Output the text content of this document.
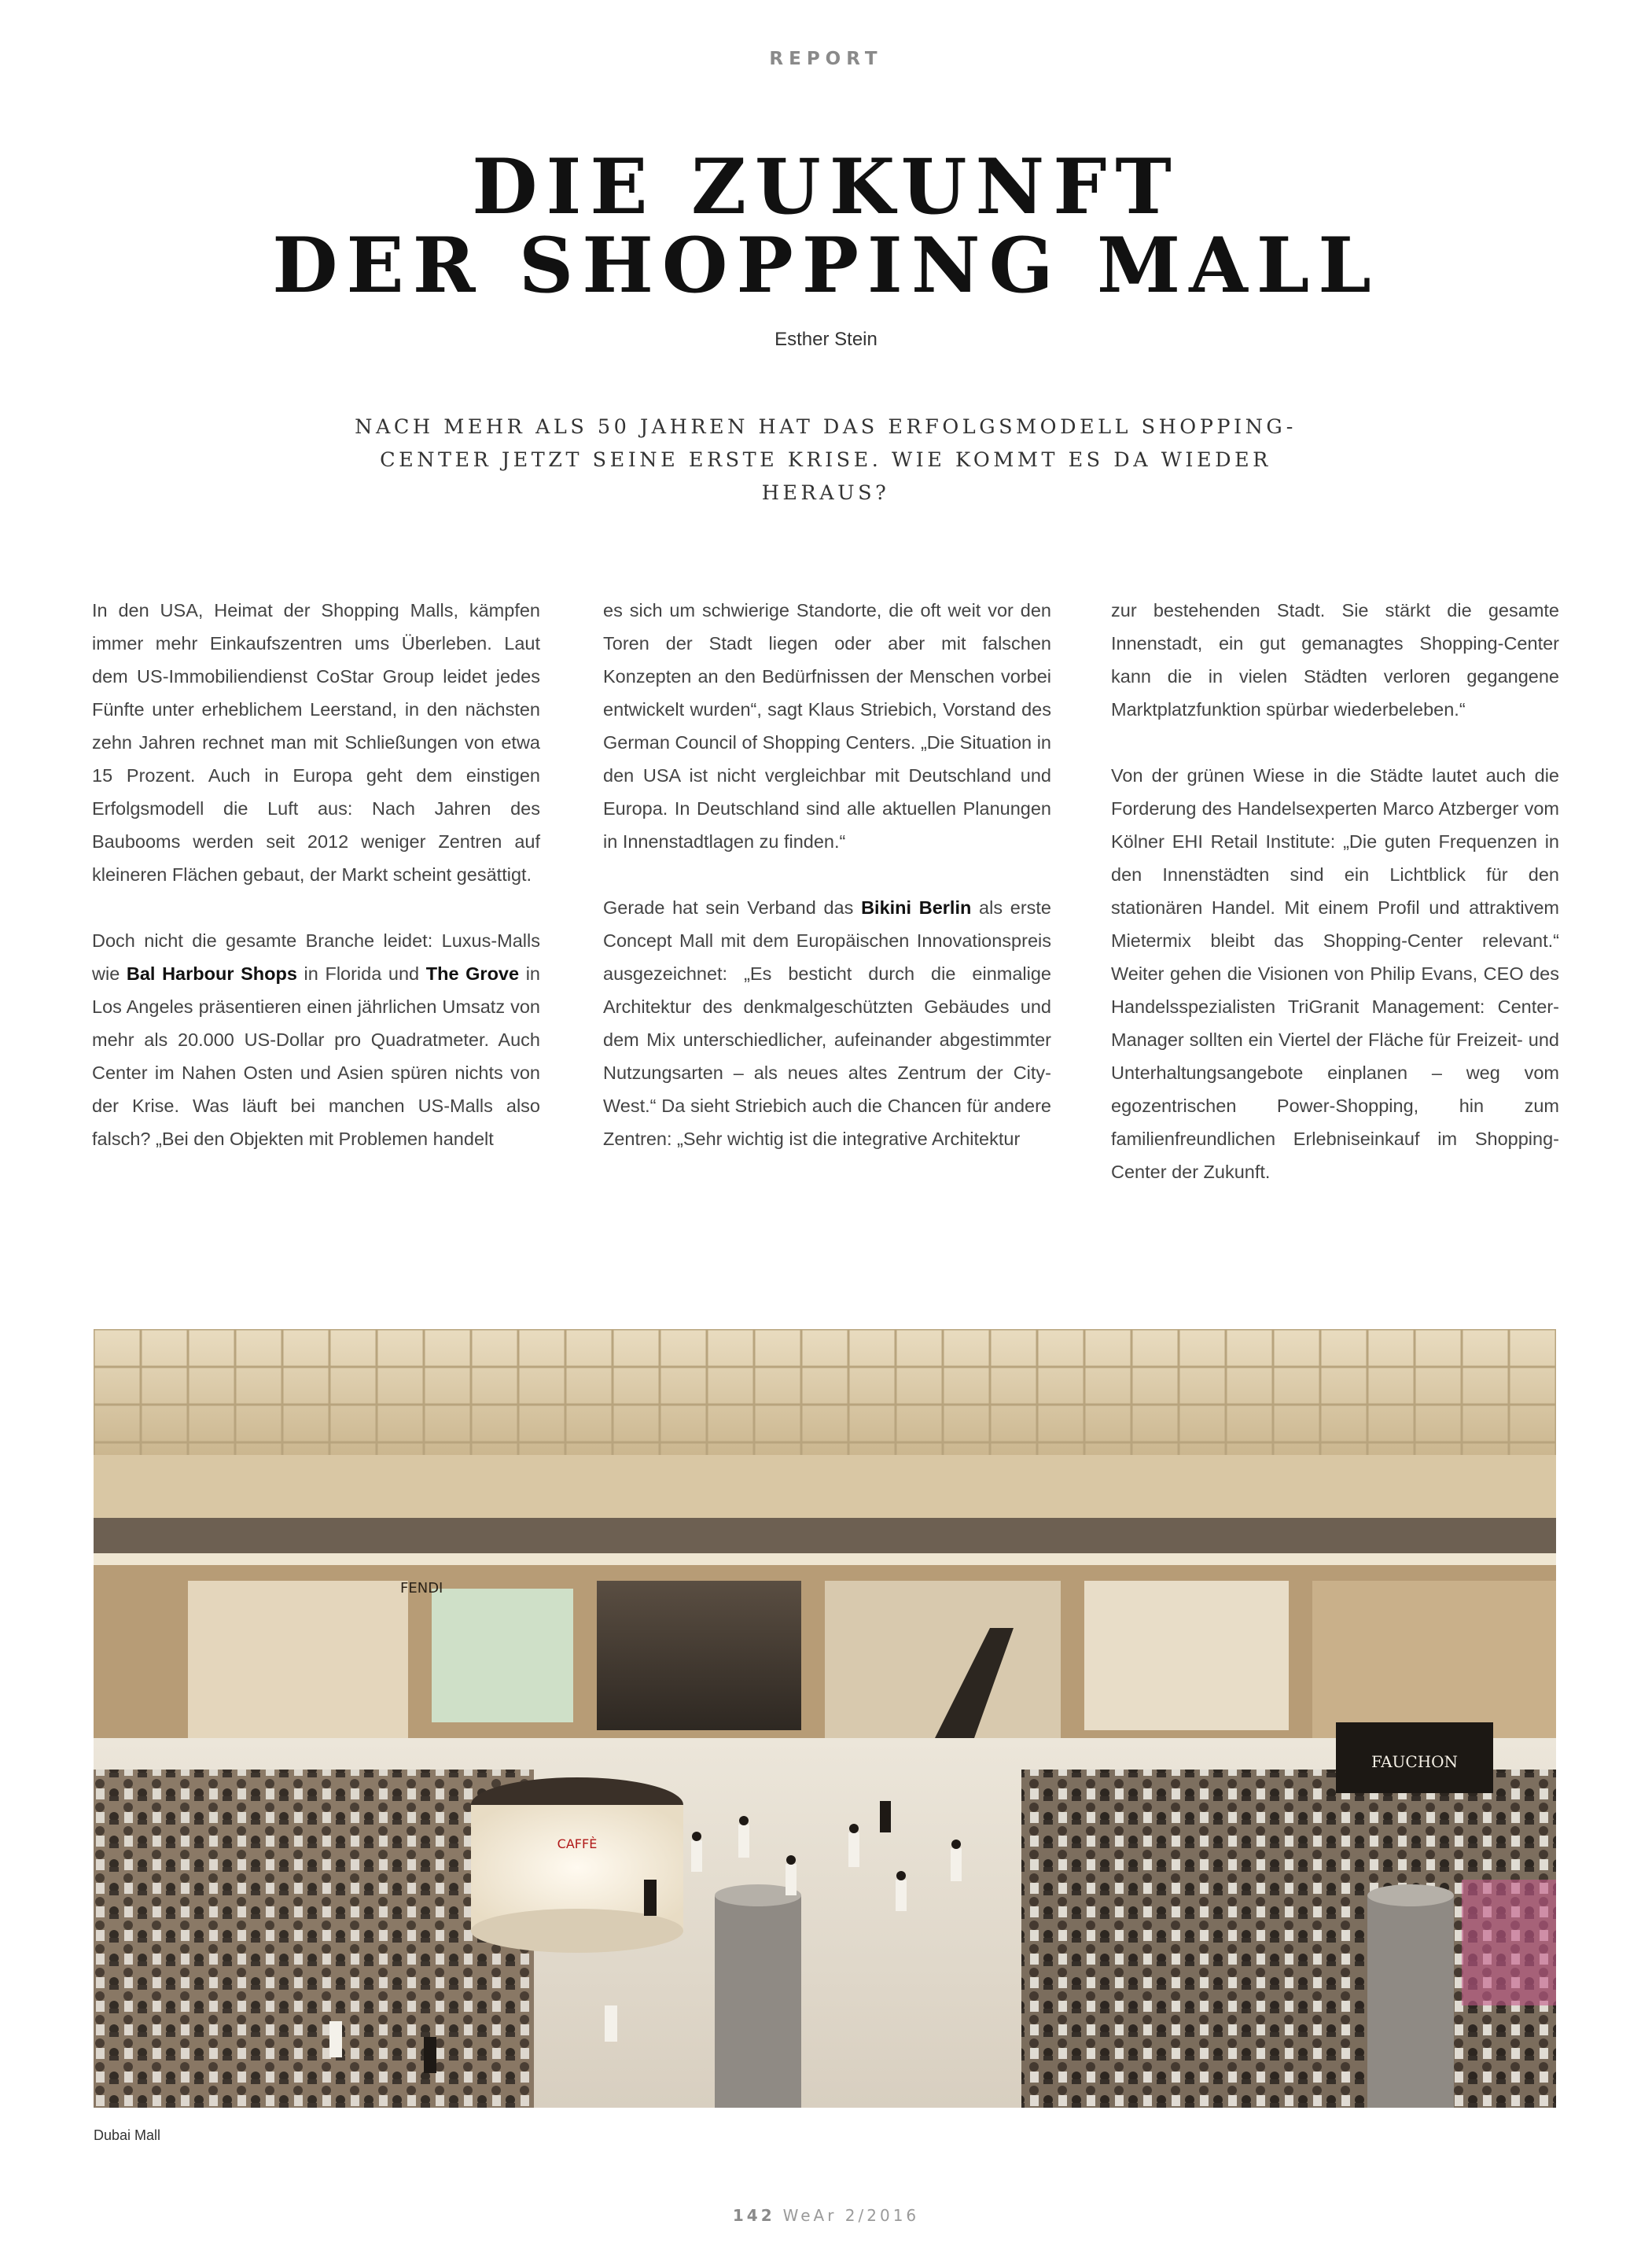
REPORT
DIE ZUKUNFT
DER SHOPPING MALL
Esther Stein
NACH MEHR ALS 50 JAHREN HAT DAS ERFOLGSMODELL SHOPPING-CENTER JETZT SEINE ERSTE KRISE. WIE KOMMT ES DA WIEDER HERAUS?

In den USA, Heimat der Shopping Malls, kämpfen immer mehr Einkaufszentren ums Überleben. Laut dem US-Immobiliendienst CoStar Group leidet jedes Fünfte unter erheblichem Leerstand, in den nächsten zehn Jahren rechnet man mit Schließungen von etwa 15 Prozent. Auch in Europa geht dem einstigen Erfolgsmodell die Luft aus: Nach Jahren des Baubooms werden seit 2012 weniger Zentren auf kleineren Flächen gebaut, der Markt scheint gesättigt.

Doch nicht die gesamte Branche leidet: Luxus-Malls wie Bal Harbour Shops in Florida und The Grove in Los Angeles präsentieren einen jährlichen Umsatz von mehr als 20.000 US-Dollar pro Quadratmeter. Auch Center im Nahen Osten und Asien spüren nichts von der Krise. Was läuft bei manchen US-Malls also falsch? „Bei den Objekten mit Problemen handelt

es sich um schwierige Standorte, die oft weit vor den Toren der Stadt liegen oder aber mit falschen Konzepten an den Bedürfnissen der Menschen vorbei entwickelt wurden“, sagt Klaus Striebich, Vorstand des German Council of Shopping Centers. „Die Situation in den USA ist nicht vergleichbar mit Deutschland und Europa. In Deutschland sind alle aktuellen Planungen in Innenstadtlagen zu finden.“

Gerade hat sein Verband das Bikini Berlin als erste Concept Mall mit dem Europäischen Innovationspreis ausgezeichnet: „Es besticht durch die einmalige Architektur des denkmalgeschützten Gebäudes und dem Mix unterschiedlicher, aufeinander abgestimmter Nutzungsarten – als neues altes Zentrum der City-West.“ Da sieht Striebich auch die Chancen für andere Zentren: „Sehr wichtig ist die integrative Architektur

zur bestehenden Stadt. Sie stärkt die gesamte Innenstadt, ein gut gemanagtes Shopping-Center kann die in vielen Städten verloren gegangene Marktplatzfunktion spürbar wiederbeleben.“

Von der grünen Wiese in die Städte lautet auch die Forderung des Handelsexperten Marco Atzberger vom Kölner EHI Retail Institute: „Die guten Frequenzen in den Innenstädten sind ein Lichtblick für den stationären Handel. Mit einem Profil und attraktivem Mietermix bleibt das Shopping-Center relevant.“ Weiter gehen die Visionen von Philip Evans, CEO des Handelsspezialisten TriGranit Management: Center-Manager sollten ein Viertel der Fläche für Freizeit- und Unterhaltungsangebote einplanen – weg vom egozentrischen Power-Shopping, hin zum familienfreundlichen Erlebniseinkauf im Shopping-Center der Zukunft.

FENDI
CAFFÈ
FAUCHON
Dubai Mall
142 WeAr 2/2016
